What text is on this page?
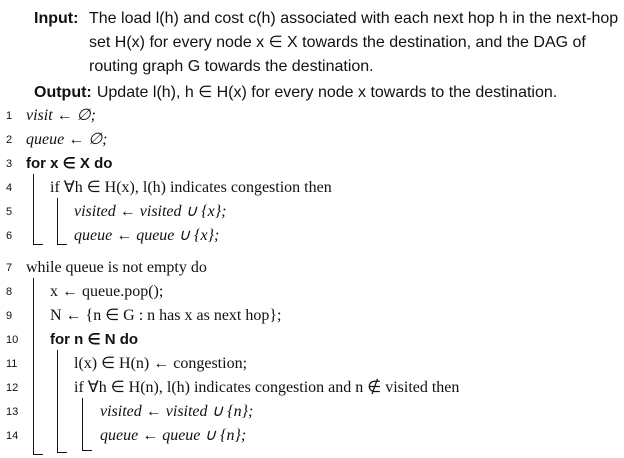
Input: The load l(h) and cost c(h) associated with each next hop h in the next-hop
set H(x) for every node x ∈ X towards the destination, and the DAG of
routing graph G towards the destination.
Output: Update l(h), h ∈ H(x) for every node x towards to the destination.
1 visit ← ∅;
2 queue ← ∅;
3 for x ∈ X do
4	if ∀h ∈ H(x), l(h) indicates congestion then
5	visited ← visited ∪ {x};
6	queue ← queue ∪ {x};
7 while queue is not empty do
8	x ← queue.pop();
9	N ← {n ∈ G : n has x as next hop};
10 for n ∈ N do
11	l(x) ∈ H(n) ← congestion;
12	if ∀h ∈ H(n), l(h) indicates congestion and n ∉ visited then
13	visited ← visited ∪ {n};
14	queue ← queue ∪ {n};
